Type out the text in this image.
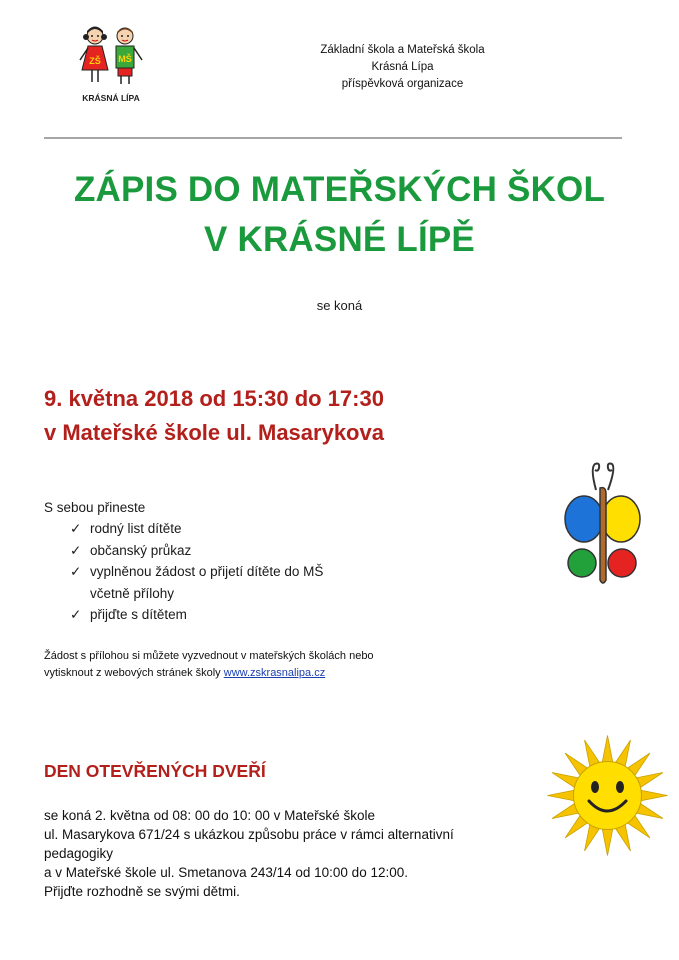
ZŠ MŠ
KRÁSNÁ LÍPA
Základní škola a Mateřská škola
Krásná Lípa
příspěvková organizace
ZÁPIS DO MATEŘSKÝCH ŠKOL
V KRÁSNÉ LÍPĚ
se koná
9. května 2018 od 15:30 do 17:30
v Mateřské škole ul. Masarykova
S sebou přineste
✓ rodný list dítěte
✓ občanský průkaz
✓ vyplněnou žádost o přijetí dítěte do MŠ
včetně přílohy
✓ přijďte s dítětem
Žádost s přílohou si můžete vyzvednout v mateřských školách nebo
vytisknout z webových stránek školy www.zskrasnalipa.cz
DEN OTEVŘENÝCH DVEŘÍ
se koná 2. května od 08: 00 do 10: 00 v Mateřské škole
ul. Masarykova 671/24 s ukázkou způsobu práce v rámci alternativní
pedagogiky
a v Mateřské škole ul. Smetanova 243/14 od 10:00 do 12:00.
Přijďte rozhodně se svými dětmi.
